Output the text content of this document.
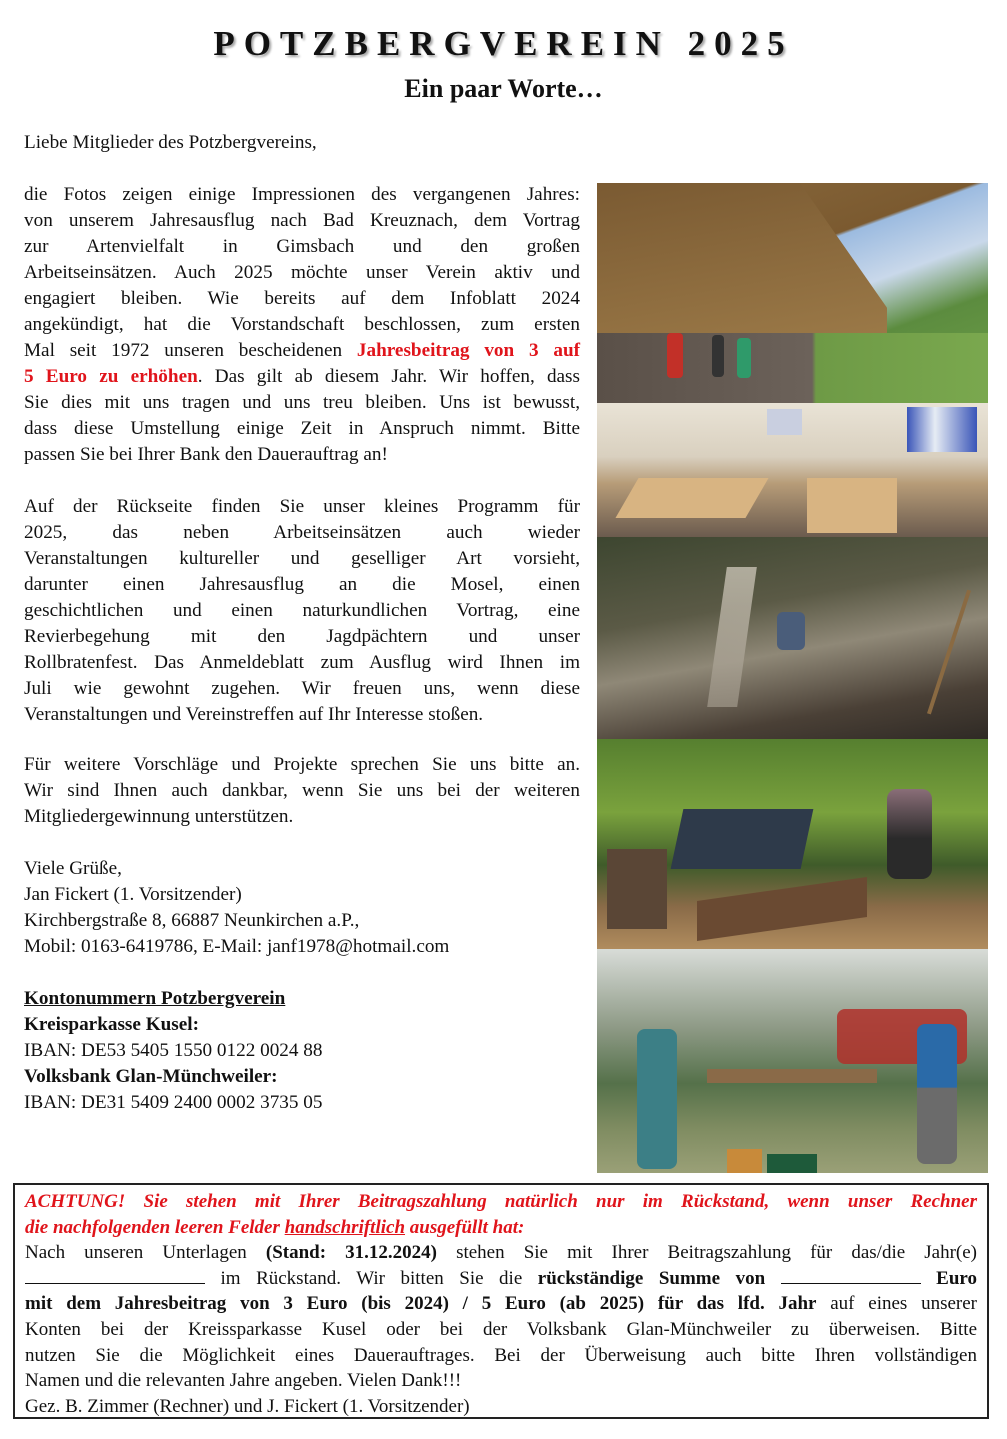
POTZBERGVEREIN 2025
Ein paar Worte…
Liebe Mitglieder des Potzbergvereins,

die Fotos zeigen einige Impressionen des vergangenen Jahres:

von unserem Jahresausflug nach Bad Kreuznach, dem Vortrag

zur Artenvielfalt in Gimsbach und den großen

Arbeitseinsätzen. Auch 2025 möchte unser Verein aktiv und

engagiert bleiben. Wie bereits auf dem Infoblatt 2024

angekündigt, hat die Vorstandschaft beschlossen, zum ersten

Mal seit 1972 unseren bescheidenen Jahresbeitrag von 3 auf

5 Euro zu erhöhen. Das gilt ab diesem Jahr. Wir hoffen, dass

Sie dies mit uns tragen und uns treu bleiben. Uns ist bewusst,

dass diese Umstellung einige Zeit in Anspruch nimmt. Bitte

passen Sie bei Ihrer Bank den Dauerauftrag an!

Auf der Rückseite finden Sie unser kleines Programm für

2025, das neben Arbeitseinsätzen auch wieder

Veranstaltungen kultureller und geselliger Art vorsieht,

darunter einen Jahresausflug an die Mosel, einen

geschichtlichen und einen naturkundlichen Vortrag, eine

Revierbegehung mit den Jagdpächtern und unser

Rollbratenfest. Das Anmeldeblatt zum Ausflug wird Ihnen im

Juli wie gewohnt zugehen. Wir freuen uns, wenn diese

Veranstaltungen und Vereinstreffen auf Ihr Interesse stoßen.

Für weitere Vorschläge und Projekte sprechen Sie uns bitte an.

Wir sind Ihnen auch dankbar, wenn Sie uns bei der weiteren

Mitgliedergewinnung unterstützen.

Viele Grüße,
Jan Fickert (1. Vorsitzender)
Kirchbergstraße 8, 66887 Neunkirchen a.P.,
Mobil: 0163-6419786, E-Mail: janf1978@hotmail.com
Kontonummern Potzbergverein
Kreisparkasse Kusel:
IBAN: DE53 5405 1550 0122 0024 88
Volksbank Glan-Münchweiler:
IBAN: DE31 5409 2400 0002 3735 05

ACHTUNG! Sie stehen mit Ihrer Beitragszahlung natürlich nur im Rückstand, wenn unser Rechner

die nachfolgenden leeren Felder handschriftlich ausgefüllt hat:

Nach unseren Unterlagen (Stand: 31.12.2024) stehen Sie mit Ihrer Beitragszahlung für das/die Jahr(e)

im Rückstand. Wir bitten Sie die rückständige Summe von	Euro

mit dem Jahresbeitrag von 3 Euro (bis 2024) / 5 Euro (ab 2025) für das lfd. Jahr auf eines unserer

Konten bei der Kreissparkasse Kusel oder bei der Volksbank Glan-Münchweiler zu überweisen. Bitte

nutzen Sie die Möglichkeit eines Dauerauftrages. Bei der Überweisung auch bitte Ihren vollständigen

Namen und die relevanten Jahre angeben. Vielen Dank!!!

Gez. B. Zimmer (Rechner) und J. Fickert (1. Vorsitzender)
